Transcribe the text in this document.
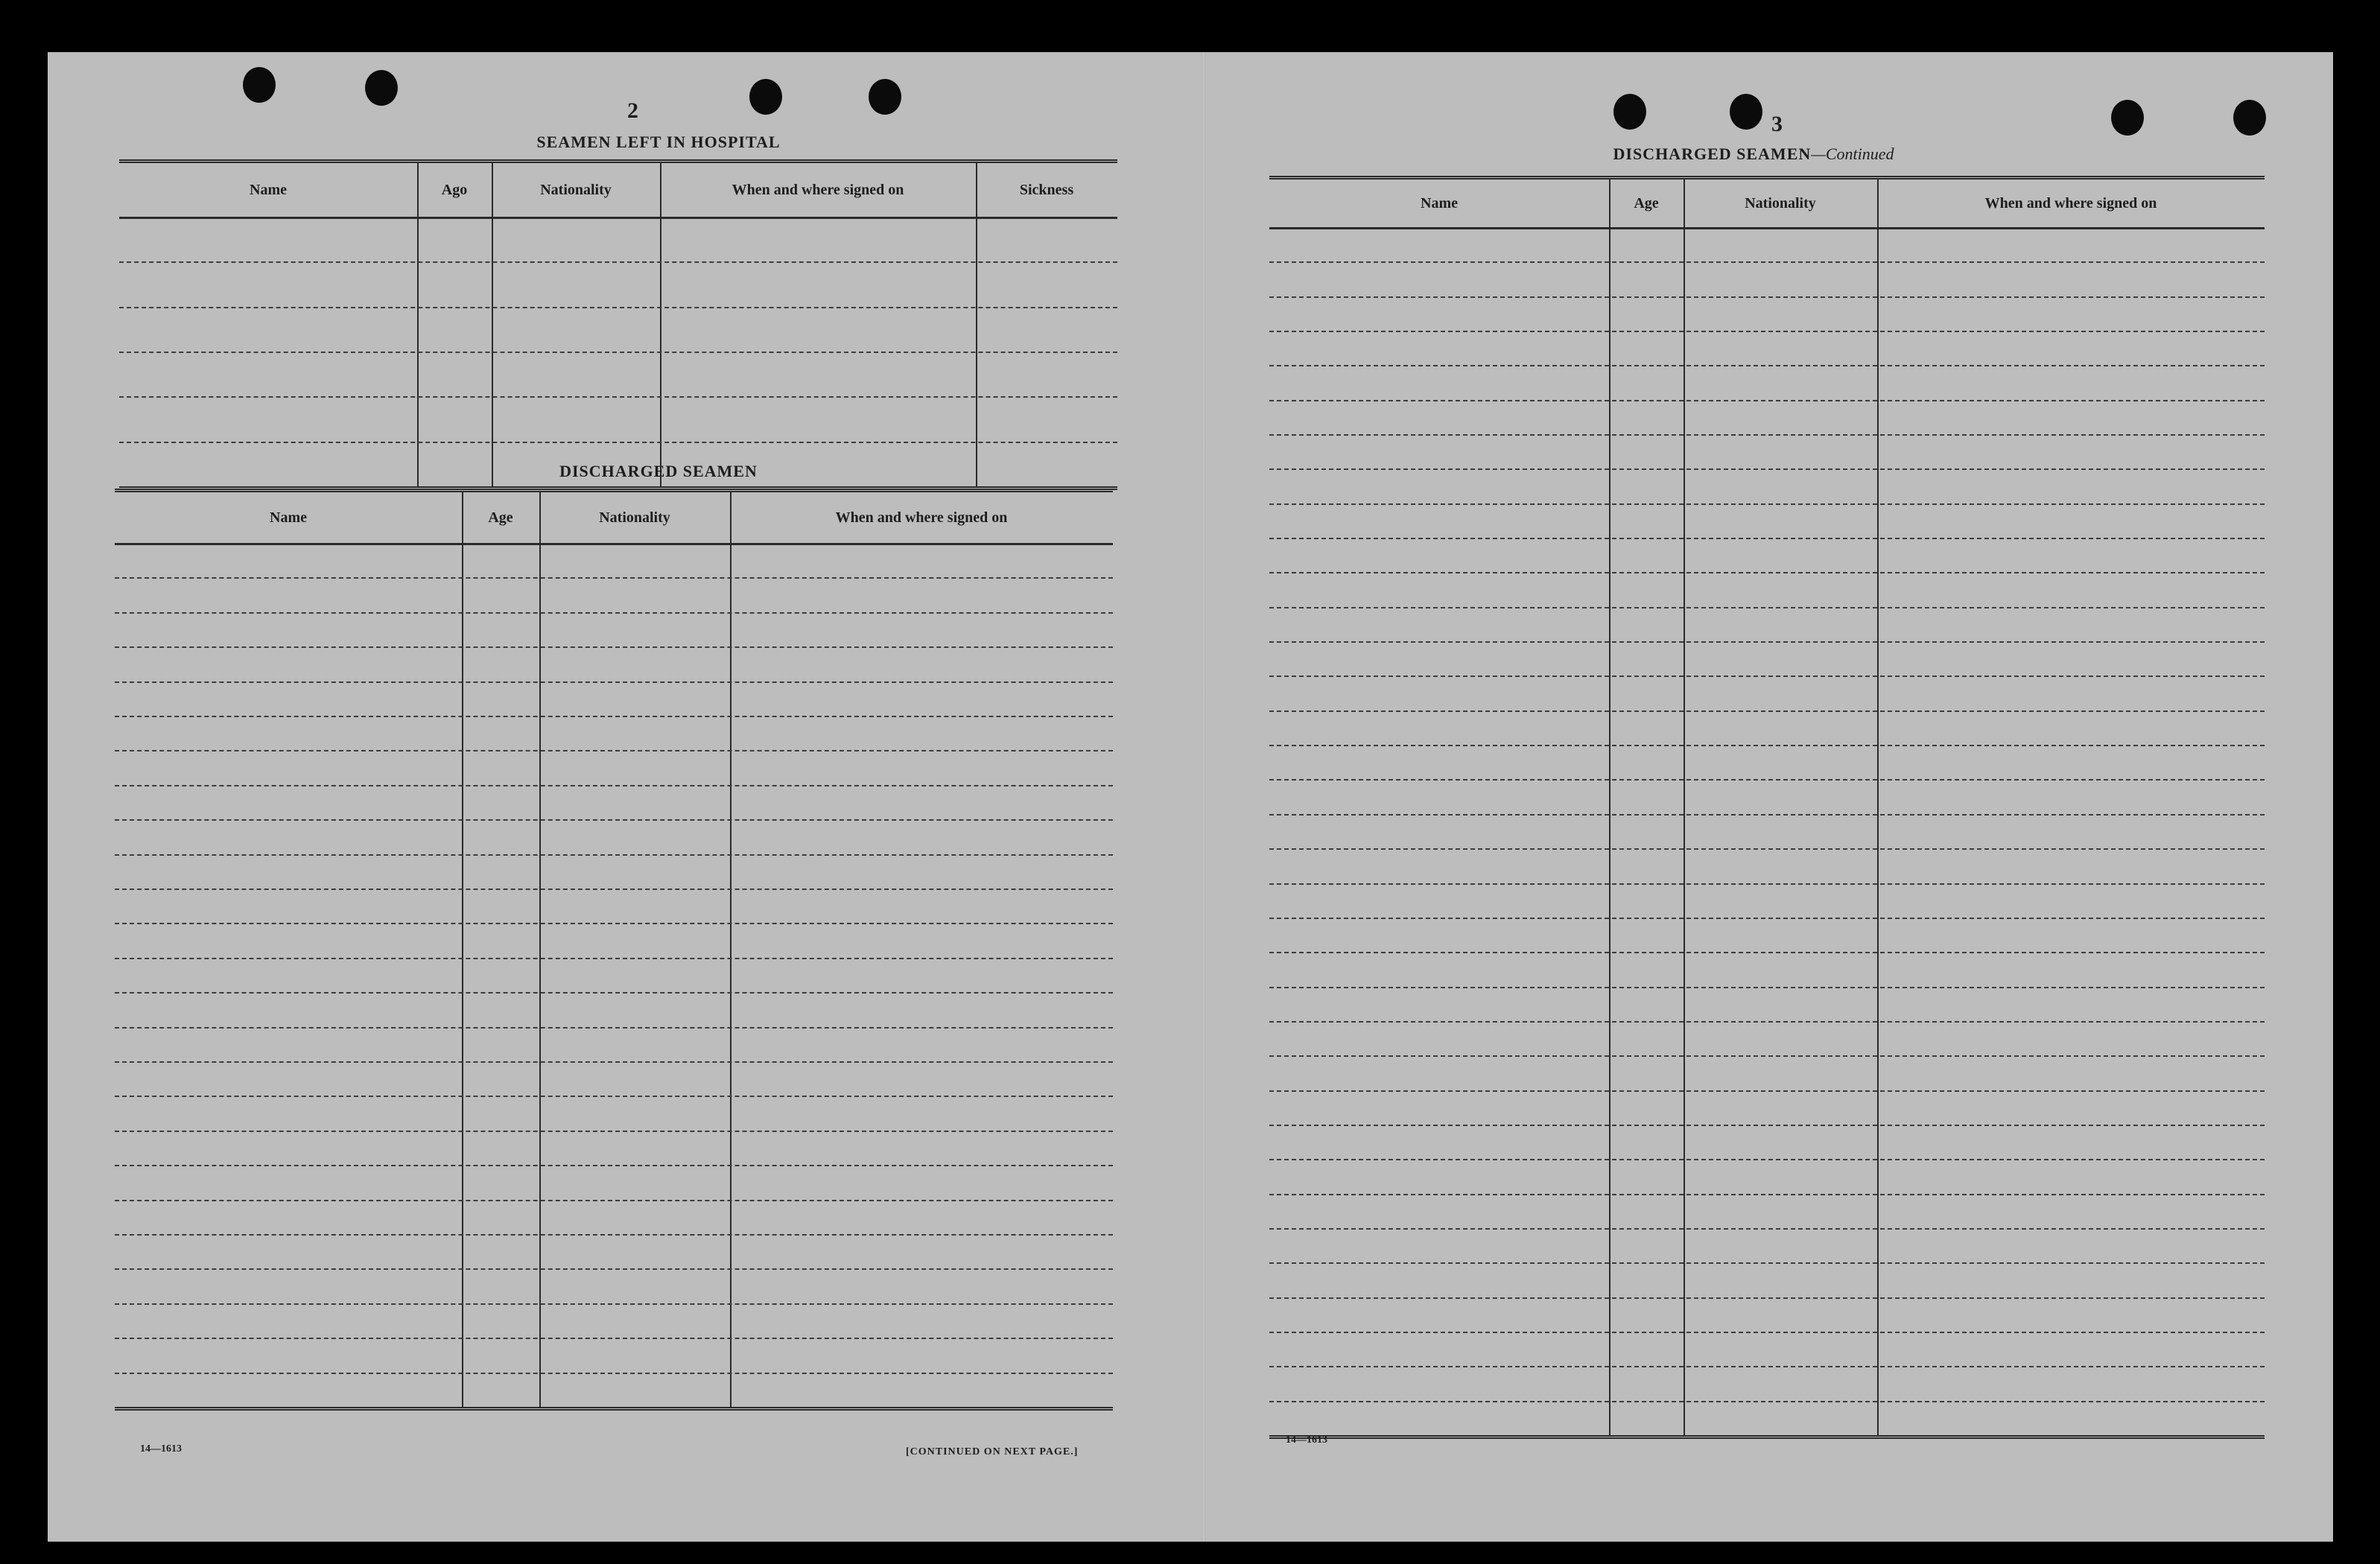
2
SEAMEN LEFT IN HOSPITAL
Name	Ago	Nationality	When and where signed on	Sickness
DISCHARGED SEAMEN
Name	Age	Nationality	When and where signed on
14—1613	[CONTINUED ON NEXT PAGE.]
3
DISCHARGED SEAMEN—Continued
Name	Age	Nationality	When and where signed on
14—1613
